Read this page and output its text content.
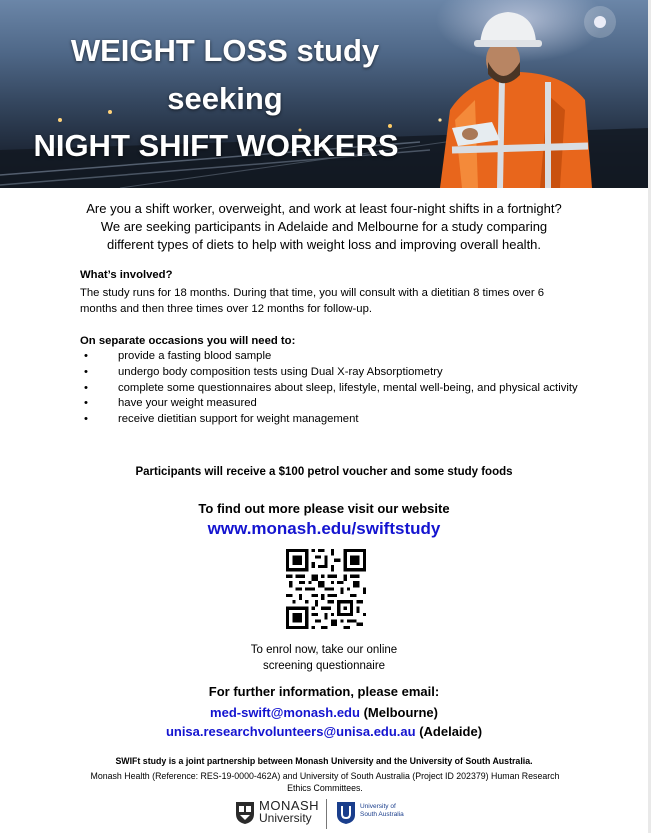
WEIGHT LOSS study
seeking
NIGHT SHIFT WORKERS

Are you a shift worker, overweight, and work at least four-night shifts in a fortnight?
We are seeking participants in Adelaide and Melbourne for a study comparing
different types of diets to help with weight loss and improving overall health.

What’s involved?

The study runs for 18 months. During that time, you will consult with a dietitian 8 times over 6 months and then three times over 12 months for follow-up.

On separate occasions you will need to:

•	provide a fasting blood sample
•	undergo body composition tests using Dual X-ray Absorptiometry
•	complete some questionnaires about sleep, lifestyle, mental well-being, and physical activity
•	have your weight measured
•	receive dietitian support for weight management

Participants will receive a $100 petrol voucher and some study foods

To find out more please visit our website

www.monash.edu/swiftstudy

To enrol now, take our online
screening questionnaire

For further information, please email:

med-swift@monash.edu (Melbourne)

unisa.researchvolunteers@unisa.edu.au (Adelaide)

SWIFt study is a joint partnership between Monash University and the University of South Australia.

Monash Health (Reference: RES-19-0000-462A) and University of South Australia (Project ID 202379) Human Research Ethics Committees.

MONASH
University
University of
South Australia
